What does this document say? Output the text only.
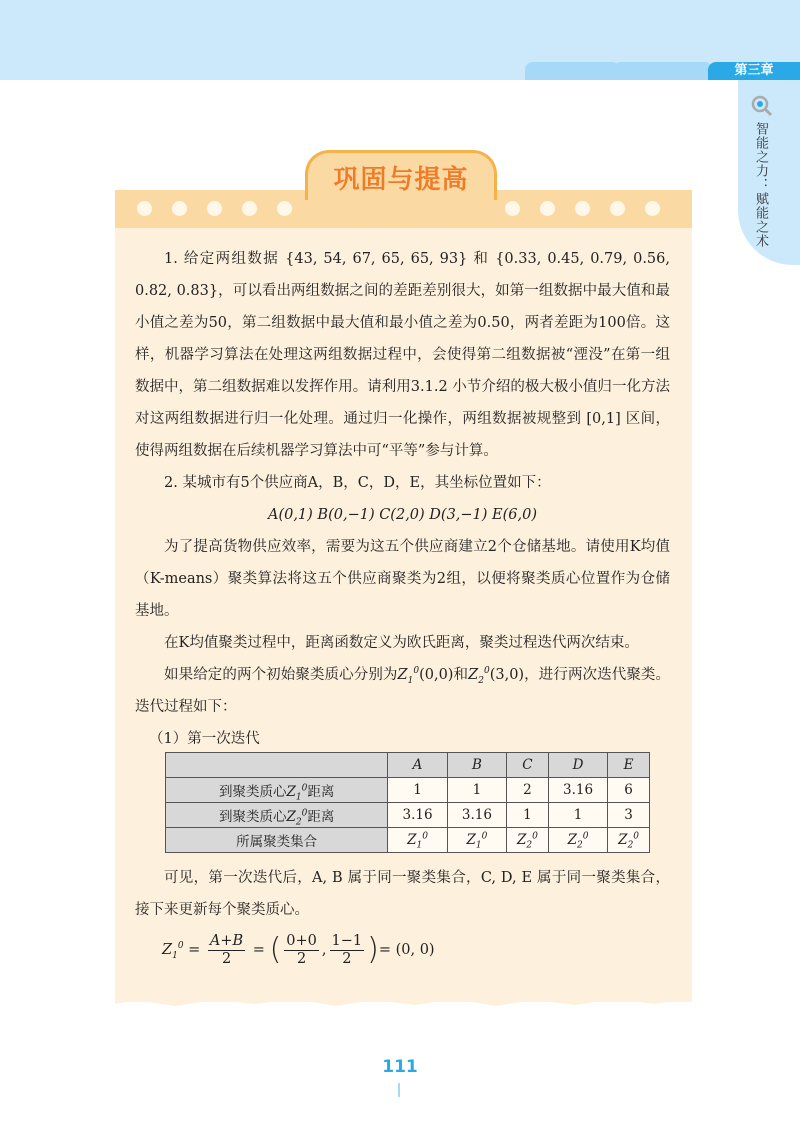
第三章
智能之力：赋能之术
巩固与提高

1. 给定两组数据 {43, 54, 67, 65, 65, 93} 和 {0.33, 0.45, 0.79, 0.56, 0.82, 0.83}，可以看出两组数据之间的差距差别很大，如第一组数据中最大值和最小值之差为50，第二组数据中最大值和最小值之差为0.50，两者差距为100倍。这样，机器学习算法在处理这两组数据过程中，会使得第二组数据被“湮没”在第一组数据中，第二组数据难以发挥作用。请利用3.1.2 小节介绍的极大极小值归一化方法对这两组数据进行归一化处理。通过归一化操作，两组数据被规整到 [0,1] 区间，使得两组数据在后续机器学习算法中可“平等”参与计算。

2. 某城市有5个供应商A，B，C，D，E，其坐标位置如下：

A(0,1) B(0,−1) C(2,0) D(3,−1) E(6,0)

为了提高货物供应效率，需要为这五个供应商建立2个仓储基地。请使用K均值（K-means）聚类算法将这五个供应商聚类为2组，以便将聚类质心位置作为仓储基地。

在K均值聚类过程中，距离函数定义为欧氏距离，聚类过程迭代两次结束。

如果给定的两个初始聚类质心分别为$Z_1^0(0,0)$和$Z_2^0(3,0)$，进行两次迭代聚类。迭代过程如下：

（1）第一次迭代

	A	B	C	D	E
到聚类质心$Z_1^0$距离	1	1	2	3.16	6
到聚类质心$Z_2^0$距离	3.16	3.16	1	1	3
所属聚类集合	$Z_1^0$	$Z_1^0$	$Z_2^0$	$Z_2^0$	$Z_2^0$

可见，第一次迭代后，A, B 属于同一聚类集合，C, D, E 属于同一聚类集合，接下来更新每个聚类质心。

$Z_1^0 = \frac{A+B}{2}$ = ( $\frac{0+0}{2}$ , $\frac{1-1}{2}$ ) = (0, 0)
111
